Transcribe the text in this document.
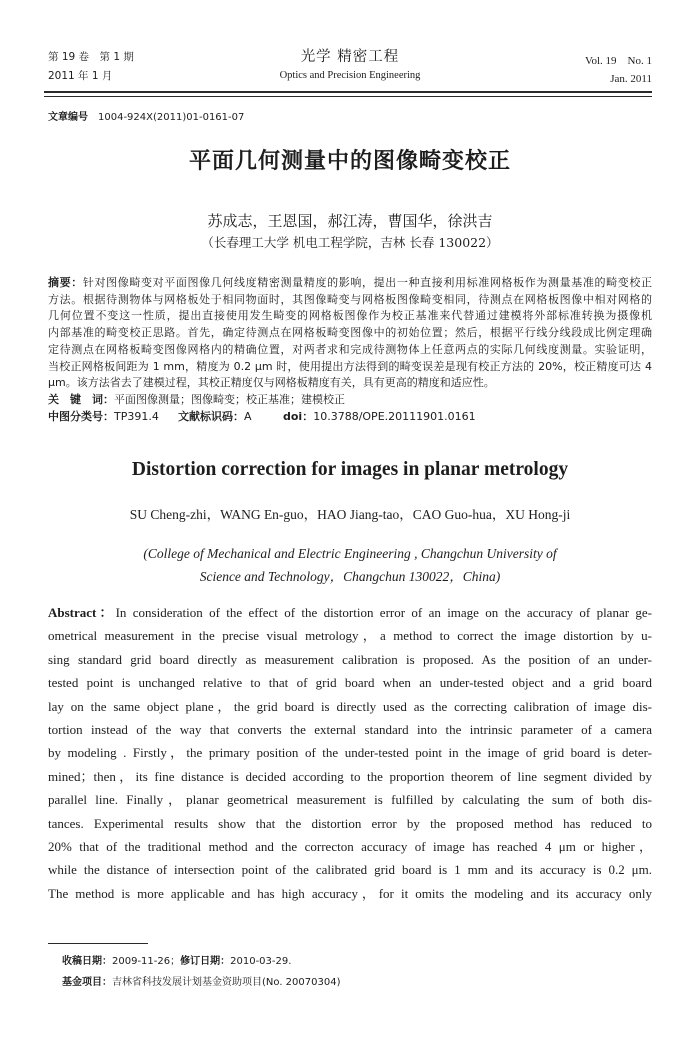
第 19 卷　第 1 期
2011 年 1 月
光学 精密工程
Optics and Precision Engineering
Vol. 19　No. 1
Jan. 2011
文章编号 1004-924X(2011)01-0161-07
平面几何测量中的图像畸变校正
苏成志，王恩国，郝江涛，曹国华，徐洪吉
（长春理工大学 机电工程学院，吉林 长春 130022）
摘要：针对图像畸变对平面图像几何线度精密测量精度的影响，提出一种直接利用标准网格板作为测量基准的畸变校正
方法。根据待测物体与网格板处于相同物面时，其图像畸变与网格板图像畸变相同，待测点在网格板图像中相对网格的
几何位置不变这一性质，提出直接使用发生畸变的网格板图像作为校正基准来代替通过建模将外部标准转换为摄像机
内部基准的畸变校正思路。首先，确定待测点在网格板畸变图像中的初始位置；然后，根据平行线分线段成比例定理确
定待测点在网格板畸变图像网格内的精确位置，对两者求和完成待测物体上任意两点的实际几何线度测量。实验证明，
当校正网格板间距为 1 mm，精度为 0.2 μm 时，使用提出方法得到的畸变误差是现有校正方法的 20%，校正精度可达 4
μm。该方法省去了建模过程，其校正精度仅与网格板精度有关，具有更高的精度和适应性。
关　键　词：平面图像测量；图像畸变；校正基准；建模校正
中图分类号：TP391.4 文献标识码：A	doi：10.3788/OPE.20111901.0161
Distortion correction for images in planar metrology
SU Cheng-zhi，WANG En-guo，HAO Jiang-tao，CAO Guo-hua，XU Hong-ji
(College of Mechanical and Electric Engineering , Changchun University of
Science and Technology，Changchun 130022，China)
Abstract：In consideration of the effect of the distortion error of an image on the accuracy of planar ge-
ometrical measurement in the precise visual metrology，a method to correct the image distortion by u-
sing standard grid board directly as measurement calibration is proposed. As the position of an under-
tested point is unchanged relative to that of grid board when an under-tested object and a grid board
lay on the same object plane，the grid board is directly used as the correcting calibration of image dis-
tortion instead of the way that converts the external standard into the intrinsic parameter of a camera
by modeling . Firstly，the primary position of the under-tested point in the image of grid board is deter-
mined；then，its fine distance is decided according to the proportion theorem of line segment divided by
parallel line. Finally，planar geometrical measurement is fulfilled by calculating the sum of both dis-
tances. Experimental results show that the distortion error by the proposed method has reduced to
20% that of the traditional method and the correcton accuracy of image has reached 4 μm or higher，
while the distance of intersection point of the calibrated grid board is 1 mm and its accuracy is 0.2 μm.
The method is more applicable and has high accuracy，for it omits the modeling and its accuracy only
收稿日期：2009-11-26；修订日期：2010-03-29.
基金项目：吉林省科技发展计划基金资助项目(No. 20070304)
